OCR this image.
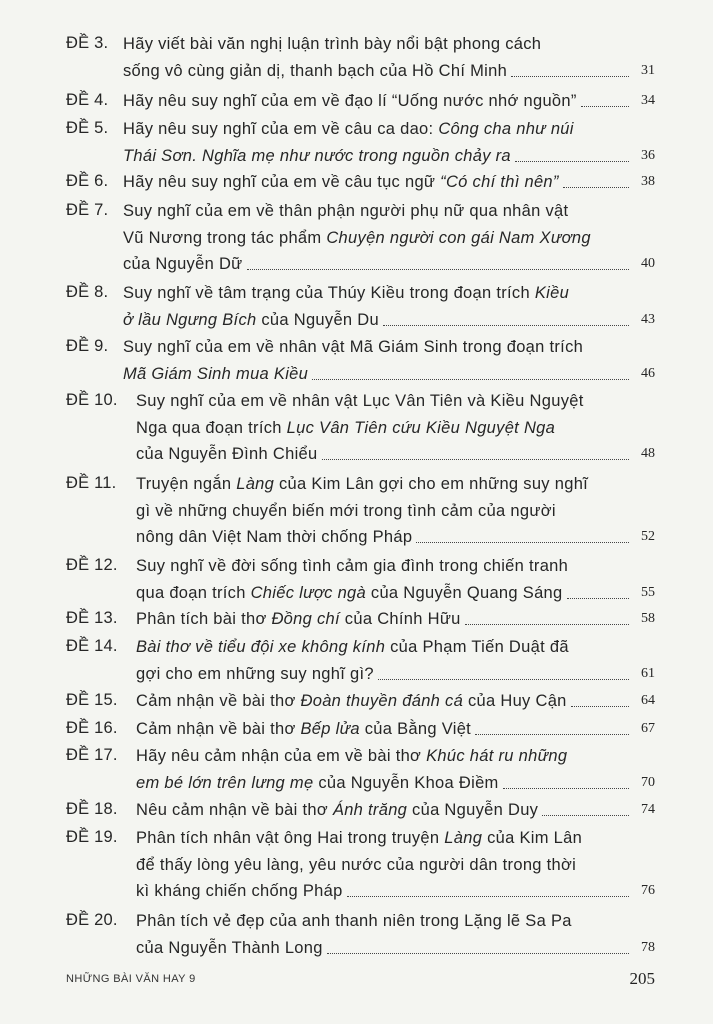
ĐỀ 3. Hãy viết bài văn nghị luận trình bày nổi bật phong cách
sống vô cùng giản dị, thanh bạch của Hồ Chí Minh	31
ĐỀ 4. Hãy nêu suy nghĩ của em về đạo lí “Uống nước nhớ nguồn”	34
ĐỀ 5. Hãy nêu suy nghĩ của em về câu ca dao: Công cha như núi
Thái Sơn. Nghĩa mẹ như nước trong nguồn chảy ra	36
ĐỀ 6. Hãy nêu suy nghĩ của em về câu tục ngữ “Có chí thì nên”	38
ĐỀ 7. Suy nghĩ của em về thân phận người phụ nữ qua nhân vật
Vũ Nương trong tác phẩm Chuyện người con gái Nam Xương
của Nguyễn Dữ	40
ĐỀ 8. Suy nghĩ về tâm trạng của Thúy Kiều trong đoạn trích Kiều
ở lầu Ngưng Bích của Nguyễn Du	43
ĐỀ 9. Suy nghĩ của em về nhân vật Mã Giám Sinh trong đoạn trích
Mã Giám Sinh mua Kiều	46
ĐỀ 10. Suy nghĩ của em về nhân vật Lục Vân Tiên và Kiều Nguyệt
Nga qua đoạn trích Lục Vân Tiên cứu Kiều Nguyệt Nga
của Nguyễn Đình Chiểu	48
ĐỀ 11. Truyện ngắn Làng của Kim Lân gợi cho em những suy nghĩ
gì về những chuyển biến mới trong tình cảm của người
nông dân Việt Nam thời chống Pháp	52
ĐỀ 12. Suy nghĩ về đời sống tình cảm gia đình trong chiến tranh
qua đoạn trích Chiếc lược ngà của Nguyễn Quang Sáng	55
ĐỀ 13. Phân tích bài thơ Đồng chí của Chính Hữu	58
ĐỀ 14. Bài thơ về tiểu đội xe không kính của Phạm Tiến Duật đã
gợi cho em những suy nghĩ gì?	61
ĐỀ 15. Cảm nhận về bài thơ Đoàn thuyền đánh cá của Huy Cận	64
ĐỀ 16. Cảm nhận về bài thơ Bếp lửa của Bằng Việt	67
ĐỀ 17. Hãy nêu cảm nhận của em về bài thơ Khúc hát ru những
em bé lớn trên lưng mẹ của Nguyễn Khoa Điềm	70
ĐỀ 18. Nêu cảm nhận về bài thơ Ánh trăng của Nguyễn Duy	74
ĐỀ 19. Phân tích nhân vật ông Hai trong truyện Làng của Kim Lân
để thấy lòng yêu làng, yêu nước của người dân trong thời
kì kháng chiến chống Pháp	76
ĐỀ 20. Phân tích vẻ đẹp của anh thanh niên trong Lặng lẽ Sa Pa
của Nguyễn Thành Long	78
NHỮNG BÀI VĂN HAY 9	205
